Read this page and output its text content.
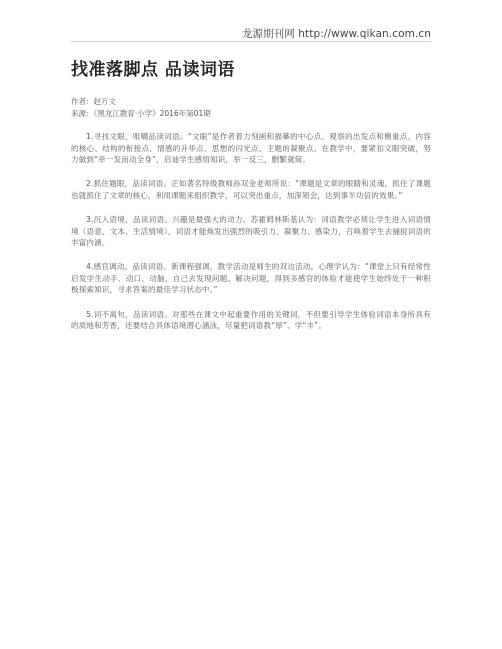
龙源期刊网 http://www.qikan.com.cn
找准落脚点 品读词语

作者：赵万文

来源：《黑龙江教育·小学》2016年第01期

1.寻找文眼，咀嚼品读词语。“文眼”是作者着力刻画和描摹的中心点、观察的出发点和侧重点、内容的核心、结构的衔接点、情感的升华点、思想的闪光点、主题的凝聚点。在教学中，要紧扣文眼突破，努力做到“牵一发而动全身”，启迪学生感悟知识，举一反三，删繁就简。

2.抓住题眼，品读词语。正如著名特级教师孙双金老师所说：“课题是文章的眼睛和灵魂，抓住了课题也就抓住了文章的核心，利用课题来组织教学，可以突出重点，加深领会，达到事半功倍的效果。”

3.沉入语境，品读词语。兴趣是最强大的动力。苏霍姆林斯基认为：词语教学必须让学生进入词语情境（语意、文本、生活情境），词语才能焕发出强烈的吸引力、凝聚力、感染力，召唤着学生去捕捉词语的丰富内涵。

4.感官调动，品读词语。新课程强调，教学活动是师生的双边活动。心理学认为：“课堂上只有经常性启发学生动手、动口、动脑，自己去发现问题、解决问题，得到多感官的体验才能使学生始终处于一种积极探索知识，寻求答案的最佳学习状态中。”

5.词不离句，品读词语。对那些在课文中起重要作用的关键词，不但要引导学生体验词语本身所具有的质地和芳香，还要结合具体语境潜心涵泳，尽量把词语教“厚”、学“丰”。
